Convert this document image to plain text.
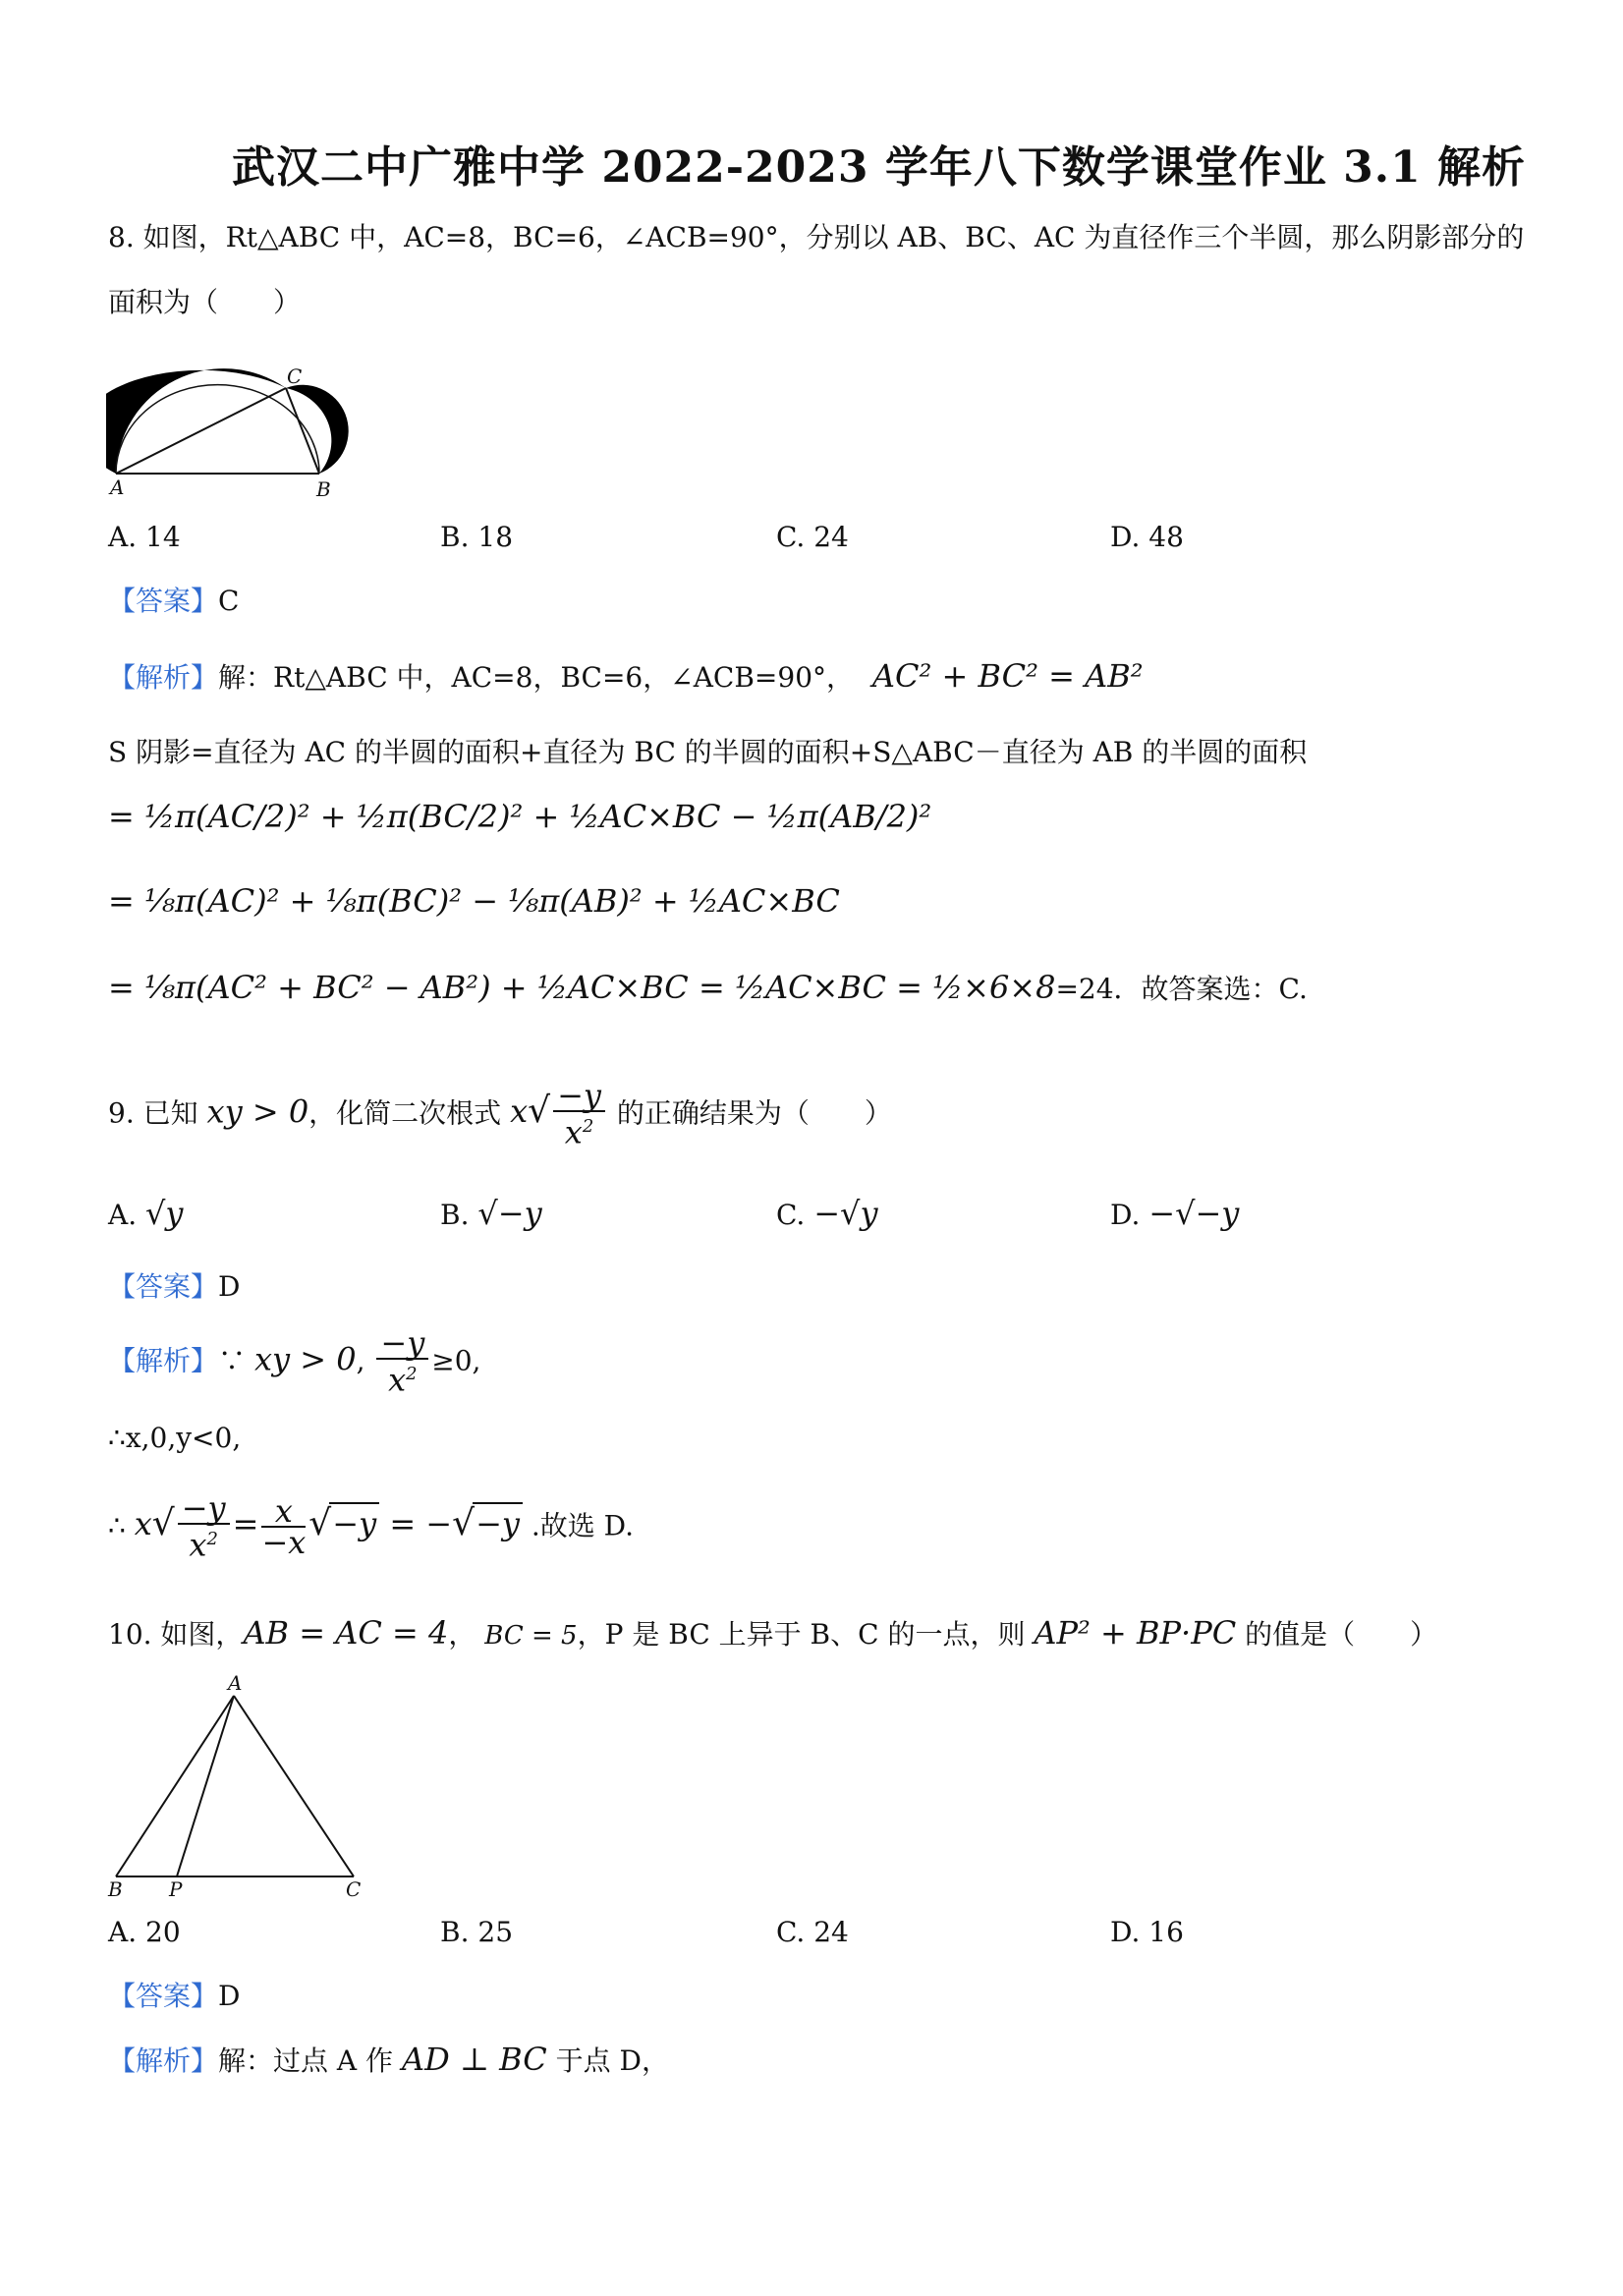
武汉二中广雅中学 2022-2023 学年八下数学课堂作业 3.1 解析
8. 如图，Rt△ABC 中，AC=8，BC=6，∠ACB=90°，分别以 AB、BC、AC 为直径作三个半圆，那么阴影部分的
面积为（　　）
A	B
C
A. 14	B. 18	C. 24	D. 48
【答案】C
【解析】解：Rt△ABC 中，AC=8，BC=6，∠ACB=90°， AC² + BC² = AB²
S 阴影=直径为 AC 的半圆的面积+直径为 BC 的半圆的面积+S△ABC－直径为 AB 的半圆的面积
= ½π(AC/2)² + ½π(BC/2)² + ½AC×BC − ½π(AB/2)²
= ⅛π(AC)² + ⅛π(BC)² − ⅛π(AB)² + ½AC×BC
= ⅛π(AC² + BC² − AB²) + ½AC×BC = ½AC×BC = ½×6×8=24．故答案选：C.
9. 已知 xy > 0，化简二次根式 $x√ \frac{-y}{x^2}$ 的正确结果为（　　）
A. √y	B. √−y	C. −√y	D. −√−y
【答案】D
【解析】∵ xy > 0, $\frac{-y}{x^2} \ge 0$,
∴x,0,y<0,
∴ $x√ \frac{-y}{x^2} = \frac{x}{-x} √-y = -√-y$ .故选 D.
10. 如图，AB = AC = 4， BC = 5，P 是 BC 上异于 B、C 的一点，则 AP² + BP·PC 的值是（　　）
A
B P	C
A. 20	B. 25	C. 24	D. 16
【答案】D
【解析】解：过点 A 作 AD ⊥ BC 于点 D，
